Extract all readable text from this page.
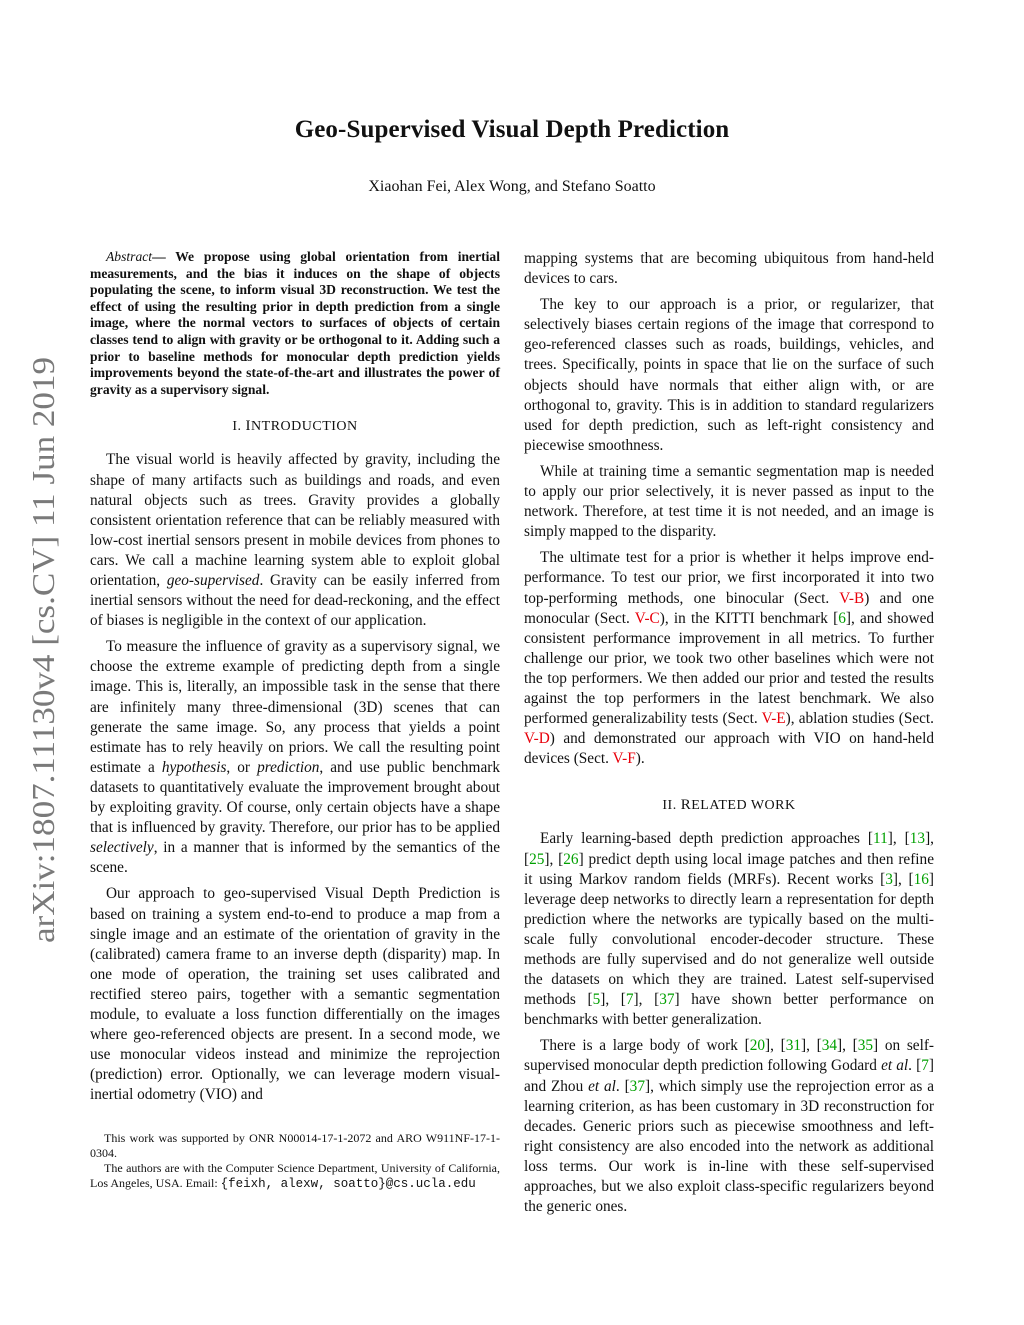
arXiv:1807.11130v4 [cs.CV] 11 Jun 2019
Geo-Supervised Visual Depth Prediction
Xiaohan Fei, Alex Wong, and Stefano Soatto

Abstract— We propose using global orientation from inertial measurements, and the bias it induces on the shape of objects populating the scene, to inform visual 3D reconstruction. We test the effect of using the resulting prior in depth prediction from a single image, where the normal vectors to surfaces of objects of certain classes tend to align with gravity or be orthogonal to it. Adding such a prior to baseline methods for monocular depth prediction yields improvements beyond the state-of-the-art and illustrates the power of gravity as a supervisory signal.

I. INTRODUCTION

The visual world is heavily affected by gravity, including the shape of many artifacts such as buildings and roads, and even natural objects such as trees. Gravity provides a globally consistent orientation reference that can be reliably measured with low-cost inertial sensors present in mobile devices from phones to cars. We call a machine learning system able to exploit global orientation, geo-supervised. Gravity can be easily inferred from inertial sensors without the need for dead-reckoning, and the effect of biases is negligible in the context of our application.

To measure the influence of gravity as a supervisory signal, we choose the extreme example of predicting depth from a single image. This is, literally, an impossible task in the sense that there are infinitely many three-dimensional (3D) scenes that can generate the same image. So, any process that yields a point estimate has to rely heavily on priors. We call the resulting point estimate a hypothesis, or prediction, and use public benchmark datasets to quantitatively evaluate the improvement brought about by exploiting gravity. Of course, only certain objects have a shape that is influenced by gravity. Therefore, our prior has to be applied selectively, in a manner that is informed by the semantics of the scene.

Our approach to geo-supervised Visual Depth Prediction is based on training a system end-to-end to produce a map from a single image and an estimate of the orientation of gravity in the (calibrated) camera frame to an inverse depth (disparity) map. In one mode of operation, the training set uses calibrated and rectified stereo pairs, together with a semantic segmentation module, to evaluate a loss function differentially on the images where geo-referenced objects are present. In a second mode, we use monocular videos instead and minimize the reprojection (prediction) error. Optionally, we can leverage modern visual-inertial odometry (VIO) and

This work was supported by ONR N00014-17-1-2072 and ARO W911NF-17-1-0304.

The authors are with the Computer Science Department, University of California, Los Angeles, USA. Email: {feixh, alexw, soatto}@cs.ucla.edu

mapping systems that are becoming ubiquitous from hand-held devices to cars.

The key to our approach is a prior, or regularizer, that selectively biases certain regions of the image that correspond to geo-referenced classes such as roads, buildings, vehicles, and trees. Specifically, points in space that lie on the surface of such objects should have normals that either align with, or are orthogonal to, gravity. This is in addition to standard regularizers used for depth prediction, such as left-right consistency and piecewise smoothness.

While at training time a semantic segmentation map is needed to apply our prior selectively, it is never passed as input to the network. Therefore, at test time it is not needed, and an image is simply mapped to the disparity.

The ultimate test for a prior is whether it helps improve end-performance. To test our prior, we first incorporated it into two top-performing methods, one binocular (Sect. V-B) and one monocular (Sect. V-C), in the KITTI benchmark [6], and showed consistent performance improvement in all metrics. To further challenge our prior, we took two other baselines which were not the top performers. We then added our prior and tested the results against the top performers in the latest benchmark. We also performed generalizability tests (Sect. V-E), ablation studies (Sect. V-D) and demonstrated our approach with VIO on hand-held devices (Sect. V-F).

II. RELATED WORK

Early learning-based depth prediction approaches [11], [13], [25], [26] predict depth using local image patches and then refine it using Markov random fields (MRFs). Recent works [3], [16] leverage deep networks to directly learn a representation for depth prediction where the networks are typically based on the multi-scale fully convolutional encoder-decoder structure. These methods are fully supervised and do not generalize well outside the datasets on which they are trained. Latest self-supervised methods [5], [7], [37] have shown better performance on benchmarks with better generalization.

There is a large body of work [20], [31], [34], [35] on self-supervised monocular depth prediction following Godard et al. [7] and Zhou et al. [37], which simply use the reprojection error as a learning criterion, as has been customary in 3D reconstruction for decades. Generic priors such as piecewise smoothness and left-right consistency are also encoded into the network as additional loss terms. Our work is in-line with these self-supervised approaches, but we also exploit class-specific regularizers beyond the generic ones.
